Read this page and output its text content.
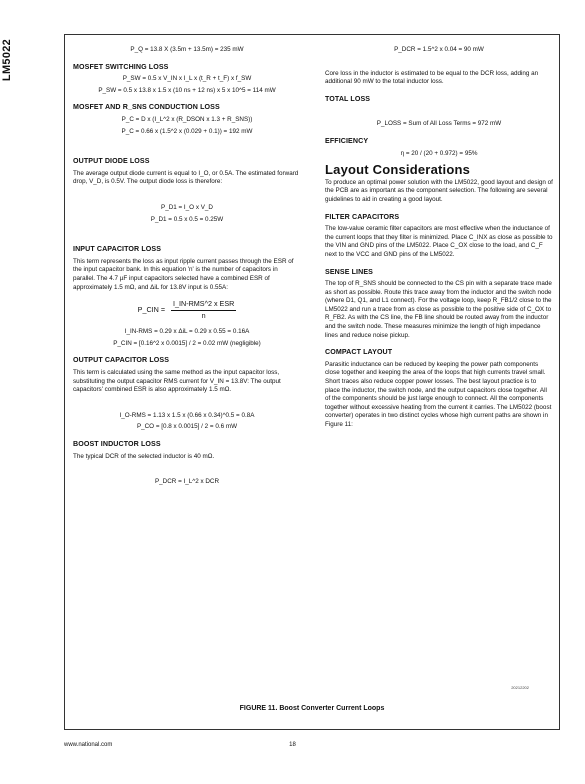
LM5022	P_Q = 13.8 X (3.5m + 13.5m) = 235 mW
MOSFET SWITCHING LOSS
P_SW = 0.5 x V_IN x I_L x (t_R + t_F) x f_SW
P_SW = 0.5 x 13.8 x 1.5 x (10 ns + 12 ns) x 5 x 10^5 = 114 mW
MOSFET AND R_SNS CONDUCTION LOSS
P_C = D x (I_L^2 x (R_DSON x 1.3 + R_SNS))
P_C = 0.66 x (1.5^2 x (0.029 + 0.1)) = 192 mW
OUTPUT DIODE LOSS
The average output diode current is equal to I_O, or 0.5A. The estimated forward drop, V_D, is 0.5V. The output diode loss is therefore:
P_D1 = I_O x V_D
P_D1 = 0.5 x 0.5 = 0.25W
INPUT CAPACITOR LOSS
This term represents the loss as input ripple current passes through the ESR of the input capacitor bank. In this equation 'n' is the number of capacitors in parallel. The 4.7 µF input capacitors selected have a combined ESR of approximately 1.5 mΩ, and ΔiL for 13.8V input is 0.55A:
P_CIN = $\frac{\text{I\_IN-RMS\textasciicircum{}2 x ESR}}{n}$
I_IN-RMS = 0.29 x ΔiL = 0.29 x 0.55 = 0.16A
P_CIN = [0.16^2 x 0.0015] / 2 = 0.02 mW (negligible)
OUTPUT CAPACITOR LOSS
This term is calculated using the same method as the input capacitor loss, substituting the output capacitor RMS current for V_IN = 13.8V: The output capacitors' combined ESR is also approximately 1.5 mΩ.
I_O-RMS = 1.13 x 1.5 x (0.66 x 0.34)^0.5 = 0.8A
P_CO = [0.8 x 0.0015] / 2 = 0.6 mW
BOOST INDUCTOR LOSS
The typical DCR of the selected inductor is 40 mΩ.
P_DCR = I_L^2 x DCR
P_DCR = 1.5^2 x 0.04 = 90 mW
Core loss in the inductor is estimated to be equal to the DCR loss, adding an additional 90 mW to the total inductor loss.
TOTAL LOSS
P_LOSS = Sum of All Loss Terms = 972 mW
EFFICIENCY
η = 20 / (20 + 0.972) = 95%
Layout Considerations
To produce an optimal power solution with the LM5022, good layout and design of the PCB are as important as the component selection. The following are several guidelines to aid in creating a good layout.
FILTER CAPACITORS
The low-value ceramic filter capacitors are most effective when the inductance of the current loops that they filter is minimized. Place C_INX as close as possible to the VIN and GND pins of the LM5022. Place C_OX close to the load, and C_F next to the VCC and GND pins of the LM5022.
SENSE LINES
The top of R_SNS should be connected to the CS pin with a separate trace made as short as possible. Route this trace away from the inductor and the switch node (where D1, Q1, and L1 connect). For the voltage loop, keep R_FB1/2 close to the LM5022 and run a trace from as close as possible to the positive side of C_OX to R_FB2. As with the CS line, the FB line should be routed away from the inductor and the switch node. These measures minimize the length of high impedance lines and reduce noise pickup.
COMPACT LAYOUT
Parasitic inductance can be reduced by keeping the power path components close together and keeping the area of the loops that high currents travel small. Short traces also reduce copper power losses. The best layout practice is to place the inductor, the switch node, and the output capacitors close together. All of the components should be just large enough to connect. All the components together without excessive heating from the current it carries. The LM5022 (boost converter) operates in two distinct cycles whose high current paths are shown in Figure 11:
20212202
FIGURE 11. Boost Converter Current Loops
www.national.com	18
